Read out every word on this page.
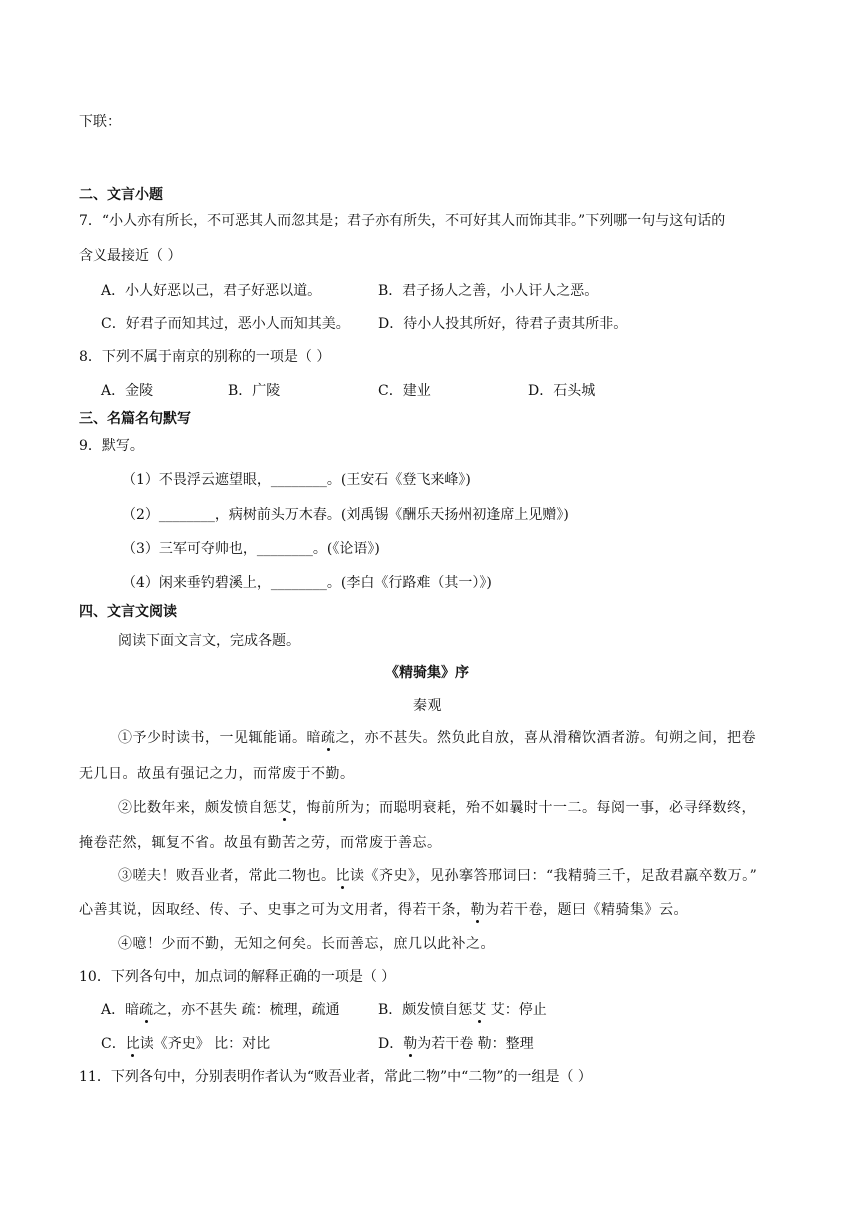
下联：
二、文言小题
7．“小人亦有所长，不可恶其人而忽其是；君子亦有所失，不可好其人而饰其非。”下列哪一句与这句话的
含义最接近（ ）
A．小人好恶以己，君子好恶以道。	B．君子扬人之善，小人讦人之恶。
C．好君子而知其过，恶小人而知其美。 D．待小人投其所好，待君子责其所非。
8．下列不属于南京的别称的一项是（ ）
A．金陵	B．广陵	C．建业	D．石头城
三、名篇名句默写
9．默写。
（1）不畏浮云遮望眼，________。(王安石《登飞来峰》)
（2）________，病树前头万木春。(刘禹锡《酬乐天扬州初逢席上见赠》)
（3）三军可夺帅也，________。(《论语》)
（4）闲来垂钓碧溪上，________。(李白《行路难（其一）》)
四、文言文阅读
阅读下面文言文，完成各题。
《精骑集》序
秦观
①予少时读书，一见辄能诵。暗疏之，亦不甚失。然负此自放，喜从滑稽饮酒者游。旬朔之间，把卷
无几日。故虽有强记之力，而常废于不勤。
②比数年来，颇发愤自惩艾，悔前所为；而聪明衰耗，殆不如曩时十一二。每阅一事，必寻绎数终，
掩卷茫然，辄复不省。故虽有勤苦之劳，而常废于善忘。
③嗟夫！败吾业者，常此二物也。比读《齐史》，见孙搴答邢词曰：“我精骑三千，足敌君羸卒数万。”
心善其说，因取经、传、子、史事之可为文用者，得若干条，勒为若干卷，题曰《精骑集》云。
④噫！少而不勤，无知之何矣。长而善忘，庶几以此补之。
10．下列各句中，加点词的解释正确的一项是（ ）
A．暗疏之，亦不甚失 疏：梳理，疏通	B．颇发愤自惩艾 艾：停止
C．比读《齐史》 比：对比	D．勒为若干卷 勒：整理
11．下列各句中，分别表明作者认为“败吾业者，常此二物”中“二物”的一组是（ ）
